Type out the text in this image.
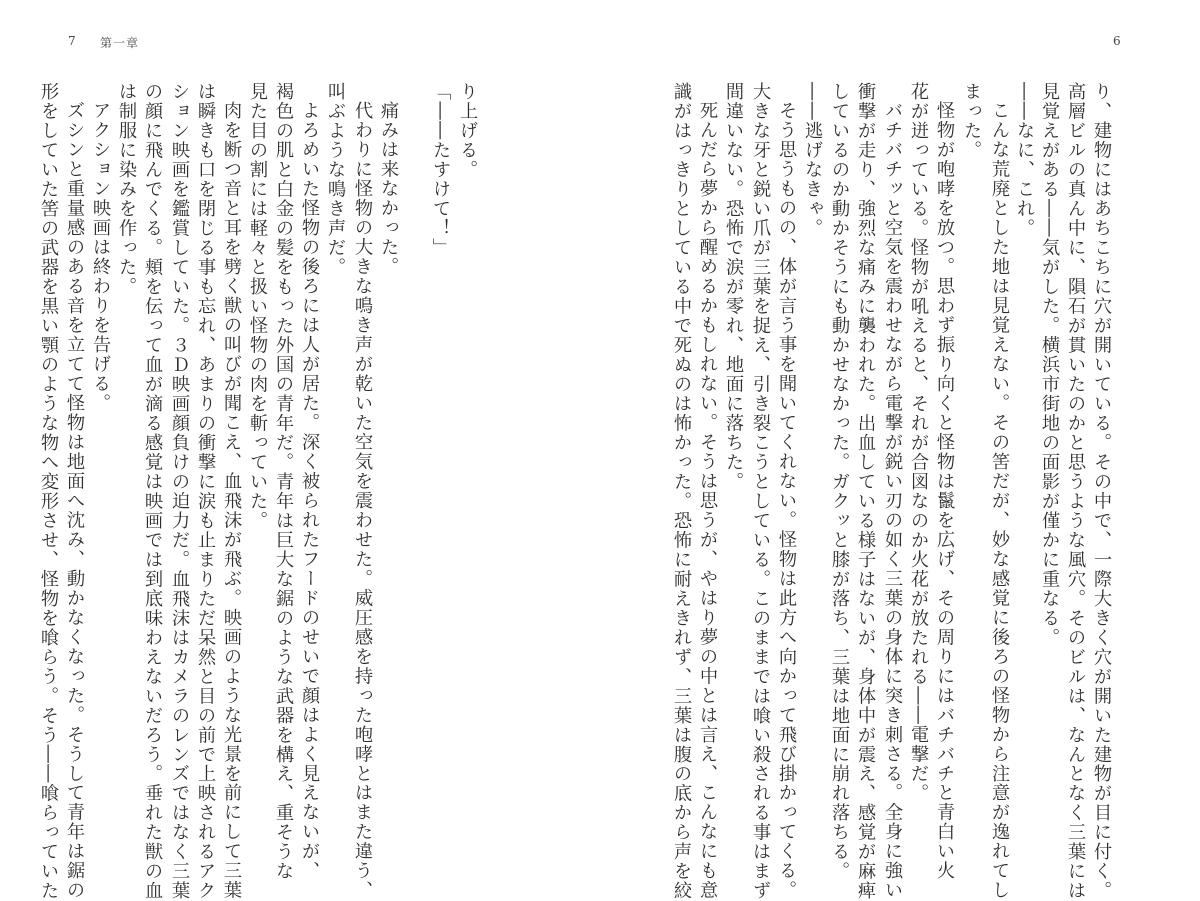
7 第一章
り上げる。
「――たすけて！」
痛みは来なかった。
代わりに怪物の大きな鳴き声が乾いた空気を震わせた。威圧感を持った咆哮とはまた違う、
叫ぶような鳴き声だ。
よろめいた怪物の後ろには人が居た。深く被られたフードのせいで顔はよく見えないが、
褐色の肌と白金の髪をもった外国の青年だ。青年は巨大な鋸のような武器を構え、重そうな
見た目の割には軽々と扱い怪物の肉を斬っていた。
肉を断つ音と耳を劈く獣の叫びが聞こえ、血飛沫が飛ぶ。映画のような光景を前にして三葉
は瞬きも口を閉じる事も忘れ、あまりの衝撃に涙も止まりただ呆然と目の前で上映されるアク
ション映画を鑑賞していた。３Ｄ映画顔負けの迫力だ。血飛沫はカメラのレンズではなく三葉
の顔に飛んでくる。頬を伝って血が滴る感覚は映画では到底味わえないだろう。垂れた獣の血
は制服に染みを作った。
アクション映画は終わりを告げる。
ズシンと重量感のある音を立てて怪物は地面へ沈み、動かなくなった。そうして青年は鋸の
形をしていた筈の武器を黒い顎のような物へ変形させ、怪物を喰らう。そう――喰らっていた
6
り、建物にはあちこちに穴が開いている。その中で、一際大きく穴が開いた建物が目に付く。
高層ビルの真ん中に、隕石が貫いたのかと思うような風穴。そのビルは、なんとなく三葉には
見覚えがある――気がした。横浜市街地の面影が僅かに重なる。
――なに、これ。
こんな荒廃とした地は見覚えない。その筈だが、妙な感覚に後ろの怪物から注意が逸れてし
まった。
怪物が咆哮を放つ。思わず振り向くと怪物は鬣を広げ、その周りにはバチバチと青白い火
花が迸っている。怪物が吼えると、それが合図なのか火花が放たれる――電撃だ。
バチバチッと空気を震わせながら電撃が鋭い刃の如く三葉の身体に突き刺さる。全身に強い
衝撃が走り、強烈な痛みに襲われた。出血している様子はないが、身体中が震え、感覚が麻痺
しているのか動かそうにも動かせなかった。ガクッと膝が落ち、三葉は地面に崩れ落ちる。
――逃げなきゃ。
そう思うものの、体が言う事を聞いてくれない。怪物は此方へ向かって飛び掛かってくる。
大きな牙と鋭い爪が三葉を捉え、引き裂こうとしている。このままでは喰い殺される事はまず
間違いない。恐怖で涙が零れ、地面に落ちた。
死んだら夢から醒めるかもしれない。そうは思うが、やはり夢の中とは言え、こんなにも意
識がはっきりとしている中で死ぬのは怖かった。恐怖に耐えきれず、三葉は腹の底から声を絞
